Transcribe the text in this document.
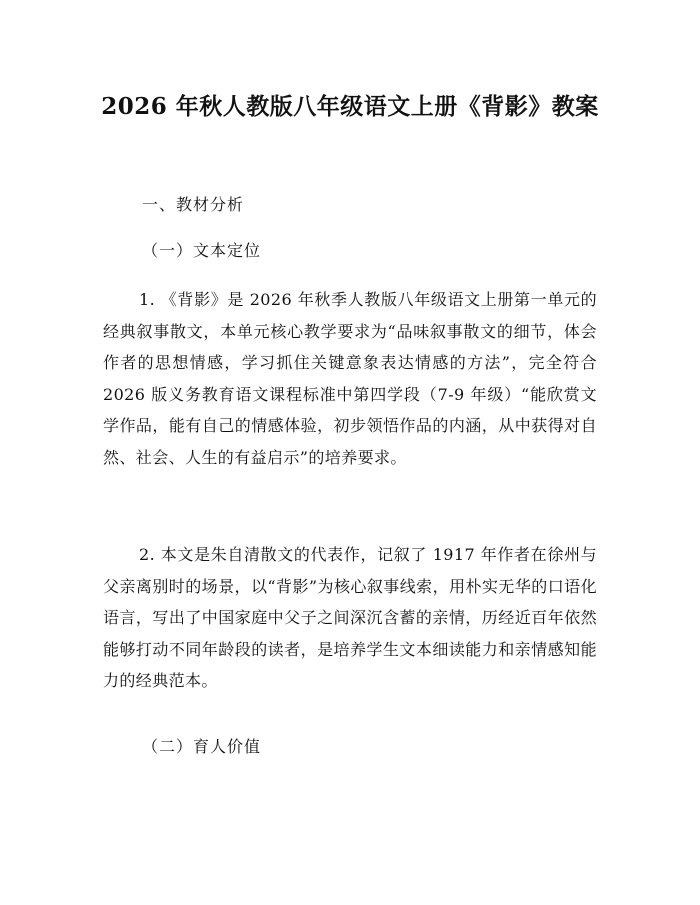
2026 年秋人教版八年级语文上册《背影》教案

一、教材分析

（一）文本定位

1. 《背影》是 2026 年秋季人教版八年级语文上册第一单元的经典叙事散文，本单元核心教学要求为“品味叙事散文的细节，体会作者的思想情感，学习抓住关键意象表达情感的方法”，完全符合 2026 版义务教育语文课程标准中第四学段（7-9 年级）“能欣赏文学作品，能有自己的情感体验，初步领悟作品的内涵，从中获得对自然、社会、人生的有益启示”的培养要求。

2. 本文是朱自清散文的代表作，记叙了 1917 年作者在徐州与父亲离别时的场景，以“背影”为核心叙事线索，用朴实无华的口语化语言，写出了中国家庭中父子之间深沉含蓄的亲情，历经近百年依然能够打动不同年龄段的读者，是培养学生文本细读能力和亲情感知能力的经典范本。

（二）育人价值
